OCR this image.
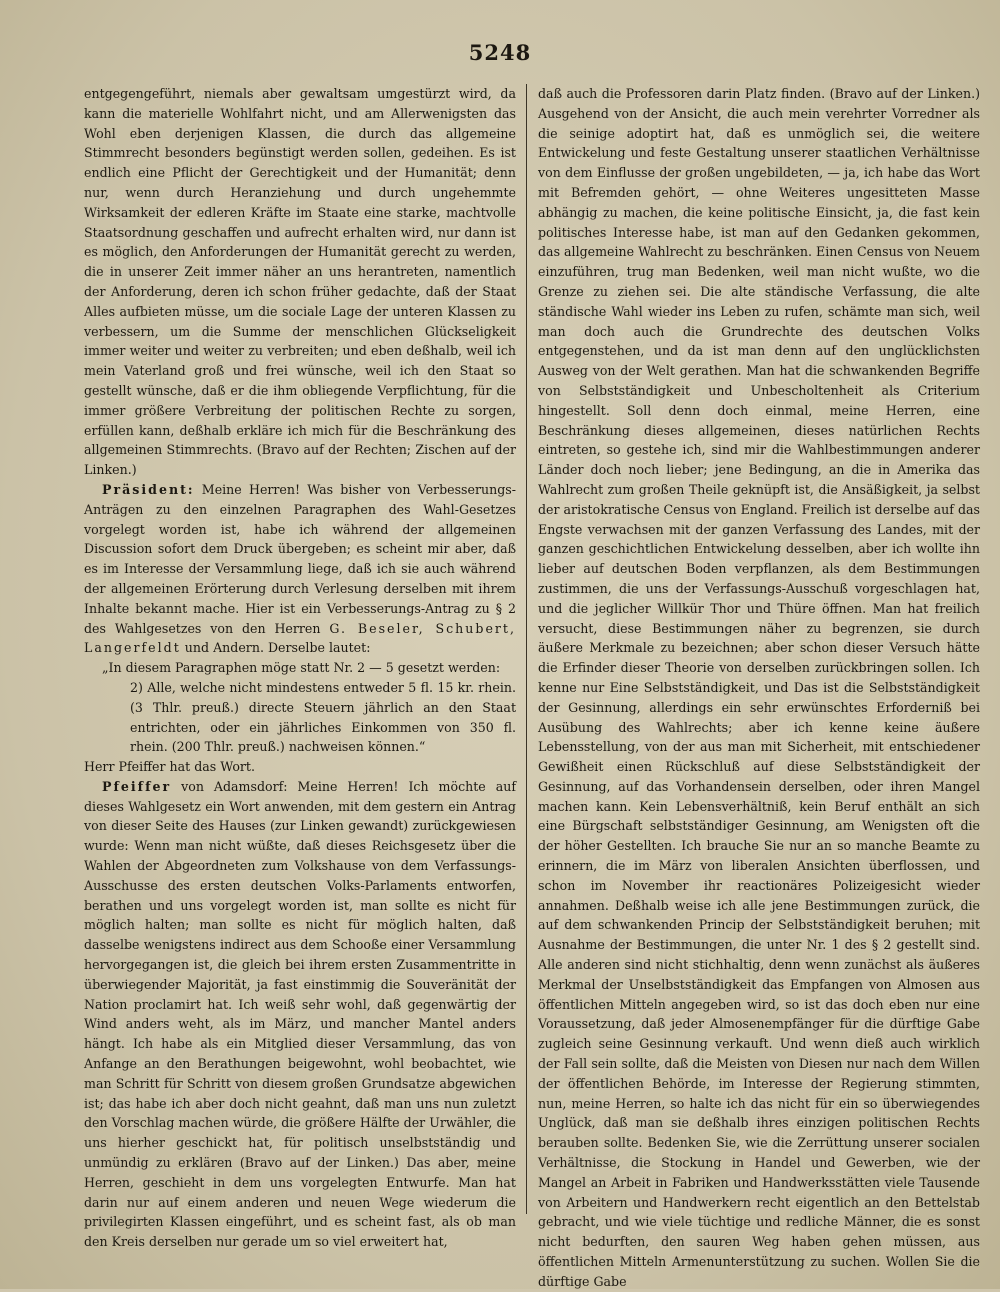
5248

entgegengeführt, niemals aber gewaltsam umgestürzt wird, da kann die materielle Wohlfahrt nicht, und am Allerwenigsten das Wohl eben derjenigen Klassen, die durch das allgemeine Stimmrecht besonders begünstigt werden sollen, gedeihen. Es ist endlich eine Pflicht der Gerechtigkeit und der Humanität; denn nur, wenn durch Heranziehung und durch ungehemmte Wirksamkeit der edleren Kräfte im Staate eine starke, machtvolle Staatsordnung geschaffen und aufrecht erhalten wird, nur dann ist es möglich, den Anforderungen der Humanität gerecht zu werden, die in unserer Zeit immer näher an uns herantreten, namentlich der Anforderung, deren ich schon früher gedachte, daß der Staat Alles aufbieten müsse, um die sociale Lage der unteren Klassen zu verbessern, um die Summe der menschlichen Glückseligkeit immer weiter und weiter zu verbreiten; und eben deßhalb, weil ich mein Vaterland groß und frei wünsche, weil ich den Staat so gestellt wünsche, daß er die ihm obliegende Verpflichtung, für die immer größere Verbreitung der politischen Rechte zu sorgen, erfüllen kann, deßhalb erkläre ich mich für die Beschränkung des allgemeinen Stimmrechts. (Bravo auf der Rechten; Zischen auf der Linken.)

Präsident: Meine Herren! Was bisher von Verbesserungs-Anträgen zu den einzelnen Paragraphen des Wahl-Gesetzes vorgelegt worden ist, habe ich während der allgemeinen Discussion sofort dem Druck übergeben; es scheint mir aber, daß es im Interesse der Versammlung liege, daß ich sie auch während der allgemeinen Erörterung durch Verlesung derselben mit ihrem Inhalte bekannt mache. Hier ist ein Verbesserungs-Antrag zu § 2 des Wahlgesetzes von den Herren G. Beseler, Schubert, Langerfeldt und Andern. Derselbe lautet:

„In diesem Paragraphen möge statt Nr. 2 — 5 gesetzt werden:

2) Alle, welche nicht mindestens entweder 5 fl. 15 kr. rhein. (3 Thlr. preuß.) directe Steuern jährlich an den Staat entrichten, oder ein jährliches Einkommen von 350 fl. rhein. (200 Thlr. preuß.) nachweisen können.“

Herr Pfeiffer hat das Wort.

Pfeiffer von Adamsdorf: Meine Herren! Ich möchte auf dieses Wahlgesetz ein Wort anwenden, mit dem gestern ein Antrag von dieser Seite des Hauses (zur Linken gewandt) zurückgewiesen wurde: Wenn man nicht wüßte, daß dieses Reichsgesetz über die Wahlen der Abgeordneten zum Volkshause von dem Verfassungs-Ausschusse des ersten deutschen Volks-Parlaments entworfen, berathen und uns vorgelegt worden ist, man sollte es nicht für möglich halten; man sollte es nicht für möglich halten, daß dasselbe wenigstens indirect aus dem Schooße einer Versammlung hervorgegangen ist, die gleich bei ihrem ersten Zusammentritte in überwiegender Majorität, ja fast einstimmig die Souveränität der Nation proclamirt hat. Ich weiß sehr wohl, daß gegenwärtig der Wind anders weht, als im März, und mancher Mantel anders hängt. Ich habe als ein Mitglied dieser Versammlung, das von Anfange an den Berathungen beigewohnt, wohl beobachtet, wie man Schritt für Schritt von diesem großen Grundsatze abgewichen ist; das habe ich aber doch nicht geahnt, daß man uns nun zuletzt den Vorschlag machen würde, die größere Hälfte der Urwähler, die uns hierher geschickt hat, für politisch unselbstständig und unmündig zu erklären (Bravo auf der Linken.) Das aber, meine Herren, geschieht in dem uns vorgelegten Entwurfe. Man hat darin nur auf einem anderen und neuen Wege wiederum die privilegirten Klassen eingeführt, und es scheint fast, als ob man den Kreis derselben nur gerade um so viel erweitert hat,

daß auch die Professoren darin Platz finden. (Bravo auf der Linken.) Ausgehend von der Ansicht, die auch mein verehrter Vorredner als die seinige adoptirt hat, daß es unmöglich sei, die weitere Entwickelung und feste Gestaltung unserer staatlichen Verhältnisse von dem Einflusse der großen ungebildeten, — ja, ich habe das Wort mit Befremden gehört, — ohne Weiteres ungesitteten Masse abhängig zu machen, die keine politische Einsicht, ja, die fast kein politisches Interesse habe, ist man auf den Gedanken gekommen, das allgemeine Wahlrecht zu beschränken. Einen Census von Neuem einzuführen, trug man Bedenken, weil man nicht wußte, wo die Grenze zu ziehen sei. Die alte ständische Verfassung, die alte ständische Wahl wieder ins Leben zu rufen, schämte man sich, weil man doch auch die Grundrechte des deutschen Volks entgegenstehen, und da ist man denn auf den unglücklichsten Ausweg von der Welt gerathen. Man hat die schwankenden Begriffe von Selbstständigkeit und Unbescholtenheit als Criterium hingestellt. Soll denn doch einmal, meine Herren, eine Beschränkung dieses allgemeinen, dieses natürlichen Rechts eintreten, so gestehe ich, sind mir die Wahlbestimmungen anderer Länder doch noch lieber; jene Bedingung, an die in Amerika das Wahlrecht zum großen Theile geknüpft ist, die Ansäßigkeit, ja selbst der aristokratische Census von England. Freilich ist derselbe auf das Engste verwachsen mit der ganzen Verfassung des Landes, mit der ganzen geschichtlichen Entwickelung desselben, aber ich wollte ihn lieber auf deutschen Boden verpflanzen, als dem Bestimmungen zustimmen, die uns der Verfassungs-Ausschuß vorgeschlagen hat, und die jeglicher Willkür Thor und Thüre öffnen. Man hat freilich versucht, diese Bestimmungen näher zu begrenzen, sie durch äußere Merkmale zu bezeichnen; aber schon dieser Versuch hätte die Erfinder dieser Theorie von derselben zurückbringen sollen. Ich kenne nur Eine Selbstständigkeit, und Das ist die Selbstständigkeit der Gesinnung, allerdings ein sehr erwünschtes Erforderniß bei Ausübung des Wahlrechts; aber ich kenne keine äußere Lebensstellung, von der aus man mit Sicherheit, mit entschiedener Gewißheit einen Rückschluß auf diese Selbstständigkeit der Gesinnung, auf das Vorhandensein derselben, oder ihren Mangel machen kann. Kein Lebensverhältniß, kein Beruf enthält an sich eine Bürgschaft selbstständiger Gesinnung, am Wenigsten oft die der höher Gestellten. Ich brauche Sie nur an so manche Beamte zu erinnern, die im März von liberalen Ansichten überflossen, und schon im November ihr reactionäres Polizeigesicht wieder annahmen. Deßhalb weise ich alle jene Bestimmungen zurück, die auf dem schwankenden Princip der Selbstständigkeit beruhen; mit Ausnahme der Bestimmungen, die unter Nr. 1 des § 2 gestellt sind. Alle anderen sind nicht stichhaltig, denn wenn zunächst als äußeres Merkmal der Unselbstständigkeit das Empfangen von Almosen aus öffentlichen Mitteln angegeben wird, so ist das doch eben nur eine Voraussetzung, daß jeder Almosenempfänger für die dürftige Gabe zugleich seine Gesinnung verkauft. Und wenn dieß auch wirklich der Fall sein sollte, daß die Meisten von Diesen nur nach dem Willen der öffentlichen Behörde, im Interesse der Regierung stimmten, nun, meine Herren, so halte ich das nicht für ein so überwiegendes Unglück, daß man sie deßhalb ihres einzigen politischen Rechts berauben sollte. Bedenken Sie, wie die Zerrüttung unserer socialen Verhältnisse, die Stockung in Handel und Gewerben, wie der Mangel an Arbeit in Fabriken und Handwerksstätten viele Tausende von Arbeitern und Handwerkern recht eigentlich an den Bettelstab gebracht, und wie viele tüchtige und redliche Männer, die es sonst nicht bedurften, den sauren Weg haben gehen müssen, aus öffentlichen Mitteln Armenunterstützung zu suchen. Wollen Sie die dürftige Gabe
